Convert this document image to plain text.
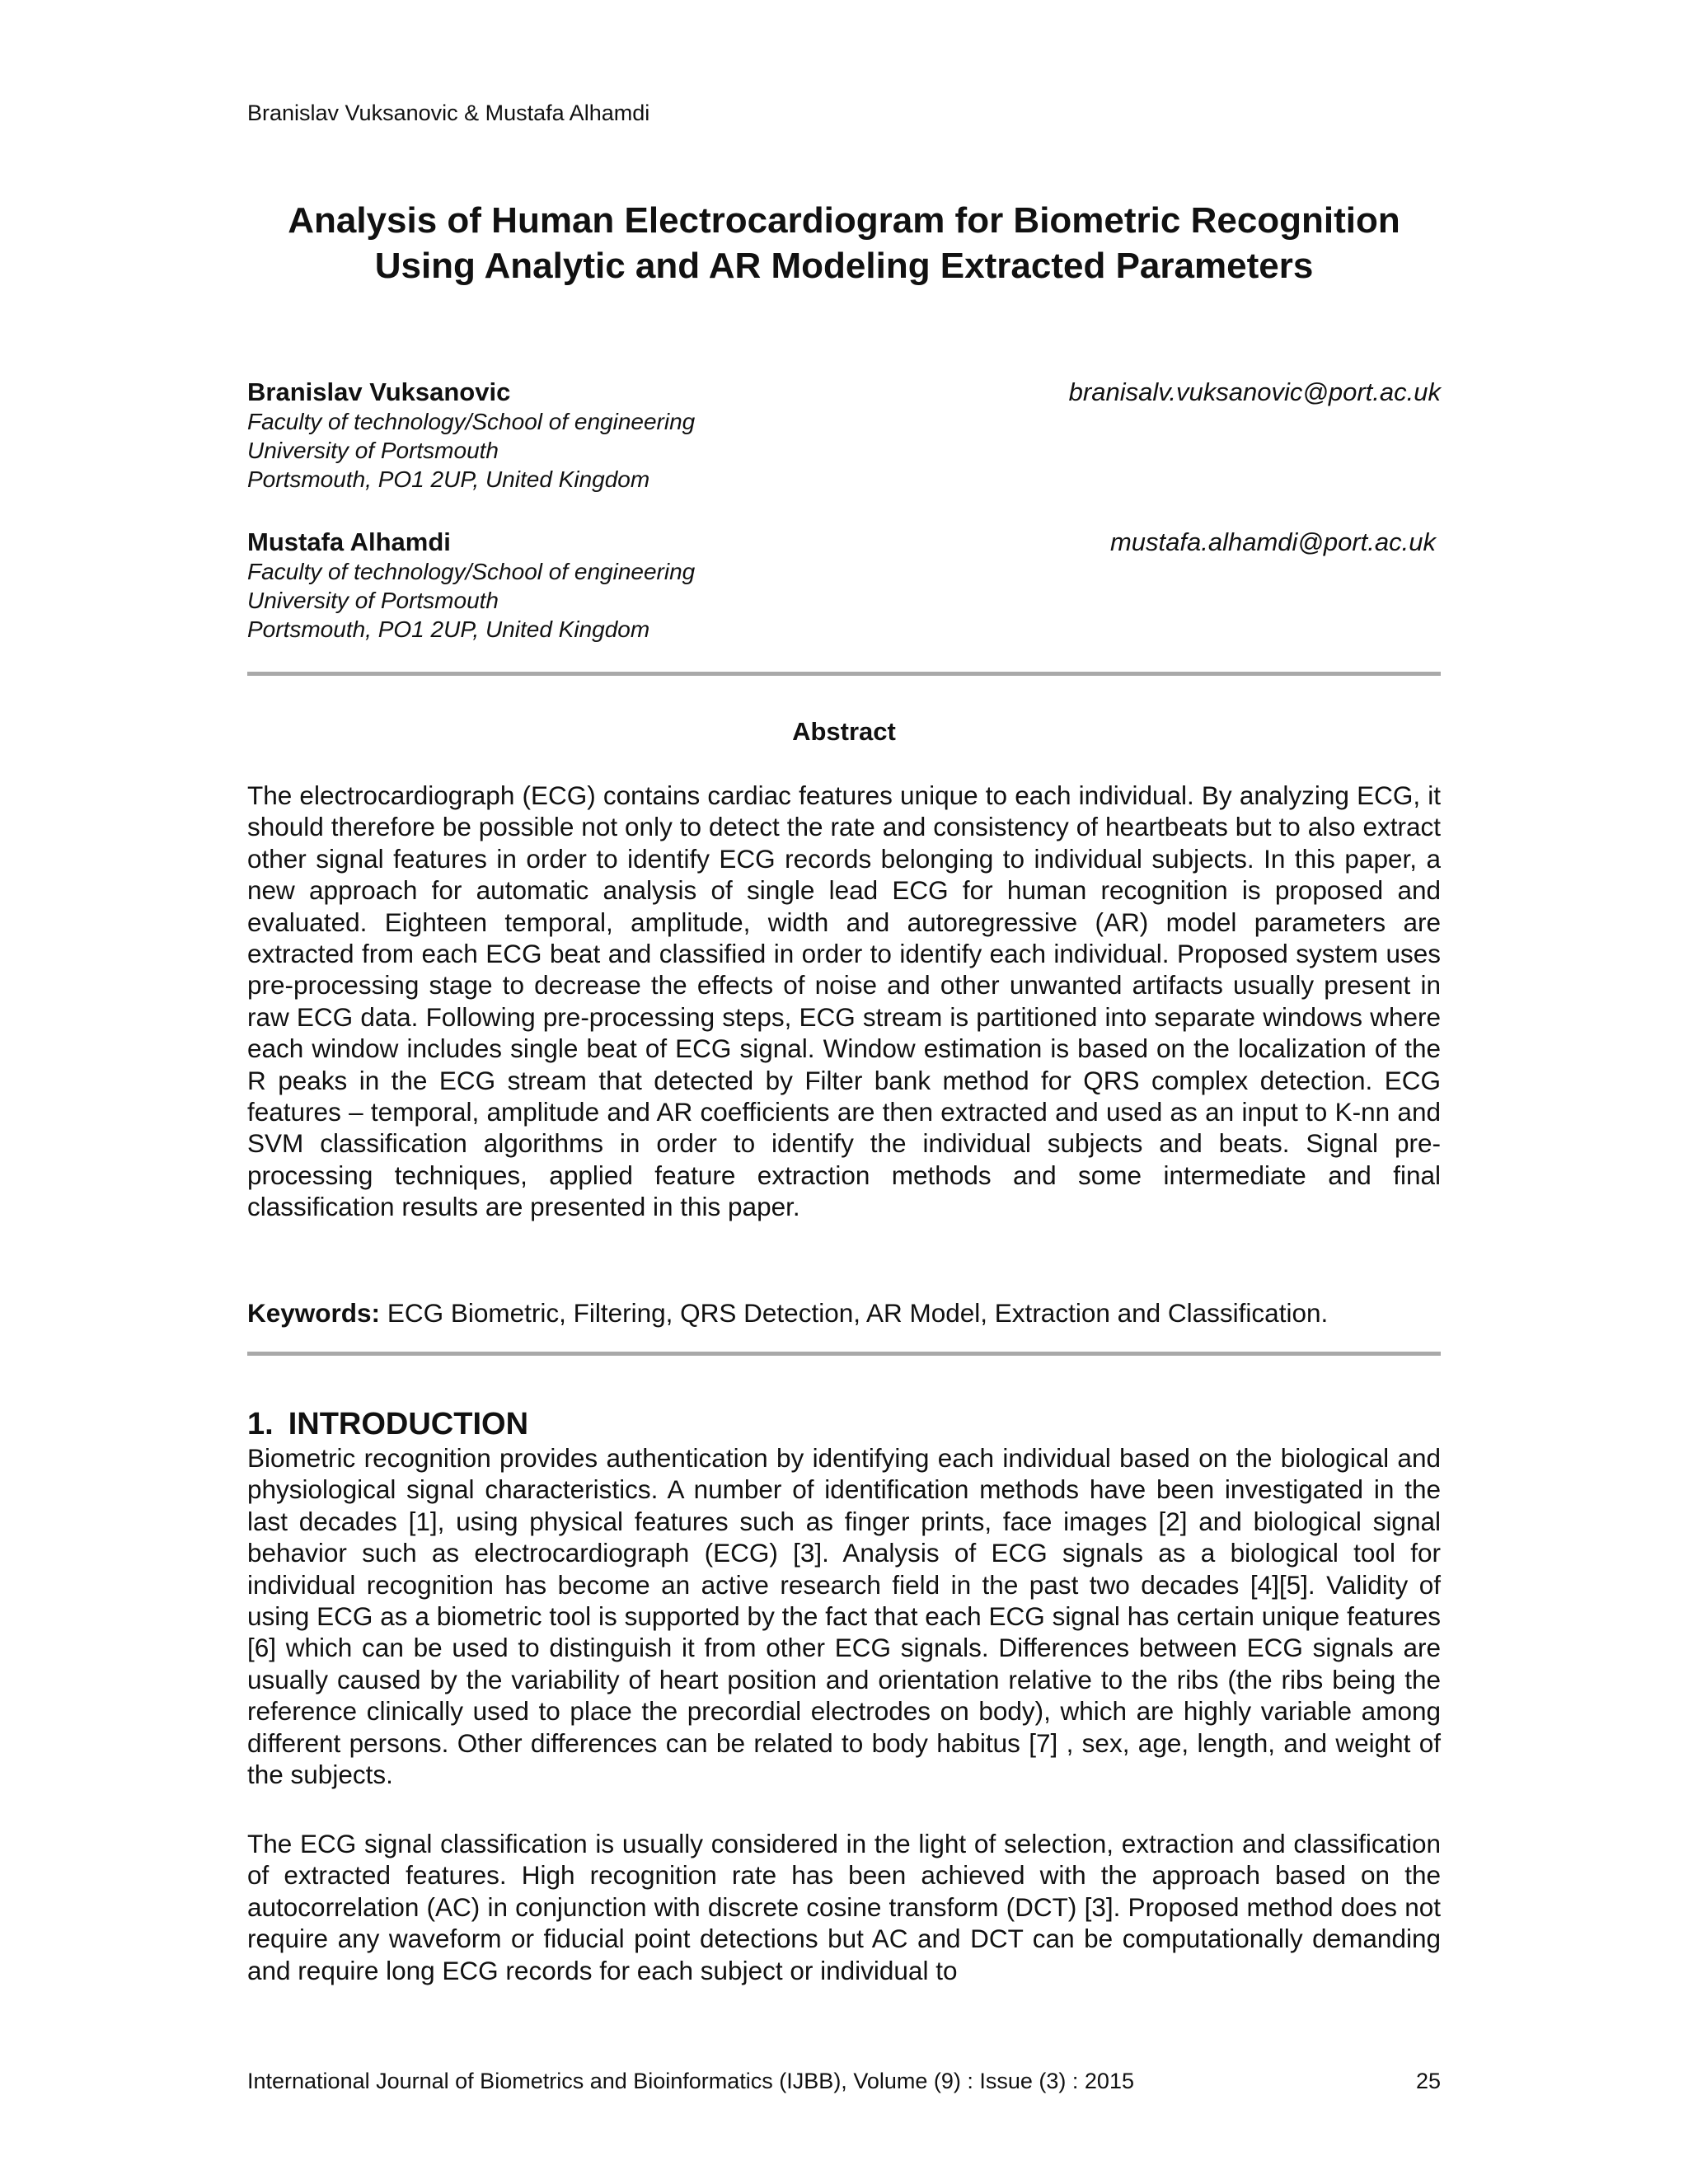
Branislav Vuksanovic & Mustafa Alhamdi
Analysis of Human Electrocardiogram for Biometric Recognition
Using Analytic and AR Modeling Extracted Parameters
Branislav Vuksanovic	branisalv.vuksanovic@port.ac.uk
Faculty of technology/School of engineering
University of Portsmouth
Portsmouth, PO1 2UP, United Kingdom
Mustafa Alhamdi	mustafa.alhamdi@port.ac.uk
Faculty of technology/School of engineering
University of Portsmouth
Portsmouth, PO1 2UP, United Kingdom
Abstract

The electrocardiograph (ECG) contains cardiac features unique to each individual. By analyzing ECG, it should therefore be possible not only to detect the rate and consistency of heartbeats but to also extract other signal features in order to identify ECG records belonging to individual subjects. In this paper, a new approach for automatic analysis of single lead ECG for human recognition is proposed and evaluated. Eighteen temporal, amplitude, width and autoregressive (AR) model parameters are extracted from each ECG beat and classified in order to identify each individual. Proposed system uses pre-processing stage to decrease the effects of noise and other unwanted artifacts usually present in raw ECG data. Following pre-processing steps, ECG stream is partitioned into separate windows where each window includes single beat of ECG signal. Window estimation is based on the localization of the R peaks in the ECG stream that detected by Filter bank method for QRS complex detection. ECG features – temporal, amplitude and AR coefficients are then extracted and used as an input to K-nn and SVM classification algorithms in order to identify the individual subjects and beats. Signal pre-processing techniques, applied feature extraction methods and some intermediate and final classification results are presented in this paper.

Keywords: ECG Biometric, Filtering, QRS Detection, AR Model, Extraction and Classification.
1. INTRODUCTION

Biometric recognition provides authentication by identifying each individual based on the biological and physiological signal characteristics. A number of identification methods have been investigated in the last decades [1], using physical features such as finger prints, face images [2] and biological signal behavior such as electrocardiograph (ECG) [3]. Analysis of ECG signals as a biological tool for individual recognition has become an active research field in the past two decades [4][5]. Validity of using ECG as a biometric tool is supported by the fact that each ECG signal has certain unique features [6] which can be used to distinguish it from other ECG signals. Differences between ECG signals are usually caused by the variability of heart position and orientation relative to the ribs (the ribs being the reference clinically used to place the precordial electrodes on body), which are highly variable among different persons. Other differences can be related to body habitus [7] , sex, age, length, and weight of the subjects.

The ECG signal classification is usually considered in the light of selection, extraction and classification of extracted features. High recognition rate has been achieved with the approach based on the autocorrelation (AC) in conjunction with discrete cosine transform (DCT) [3]. Proposed method does not require any waveform or fiducial point detections but AC and DCT can be computationally demanding and require long ECG records for each subject or individual to

International Journal of Biometrics and Bioinformatics (IJBB), Volume (9) : Issue (3) : 2015	25
